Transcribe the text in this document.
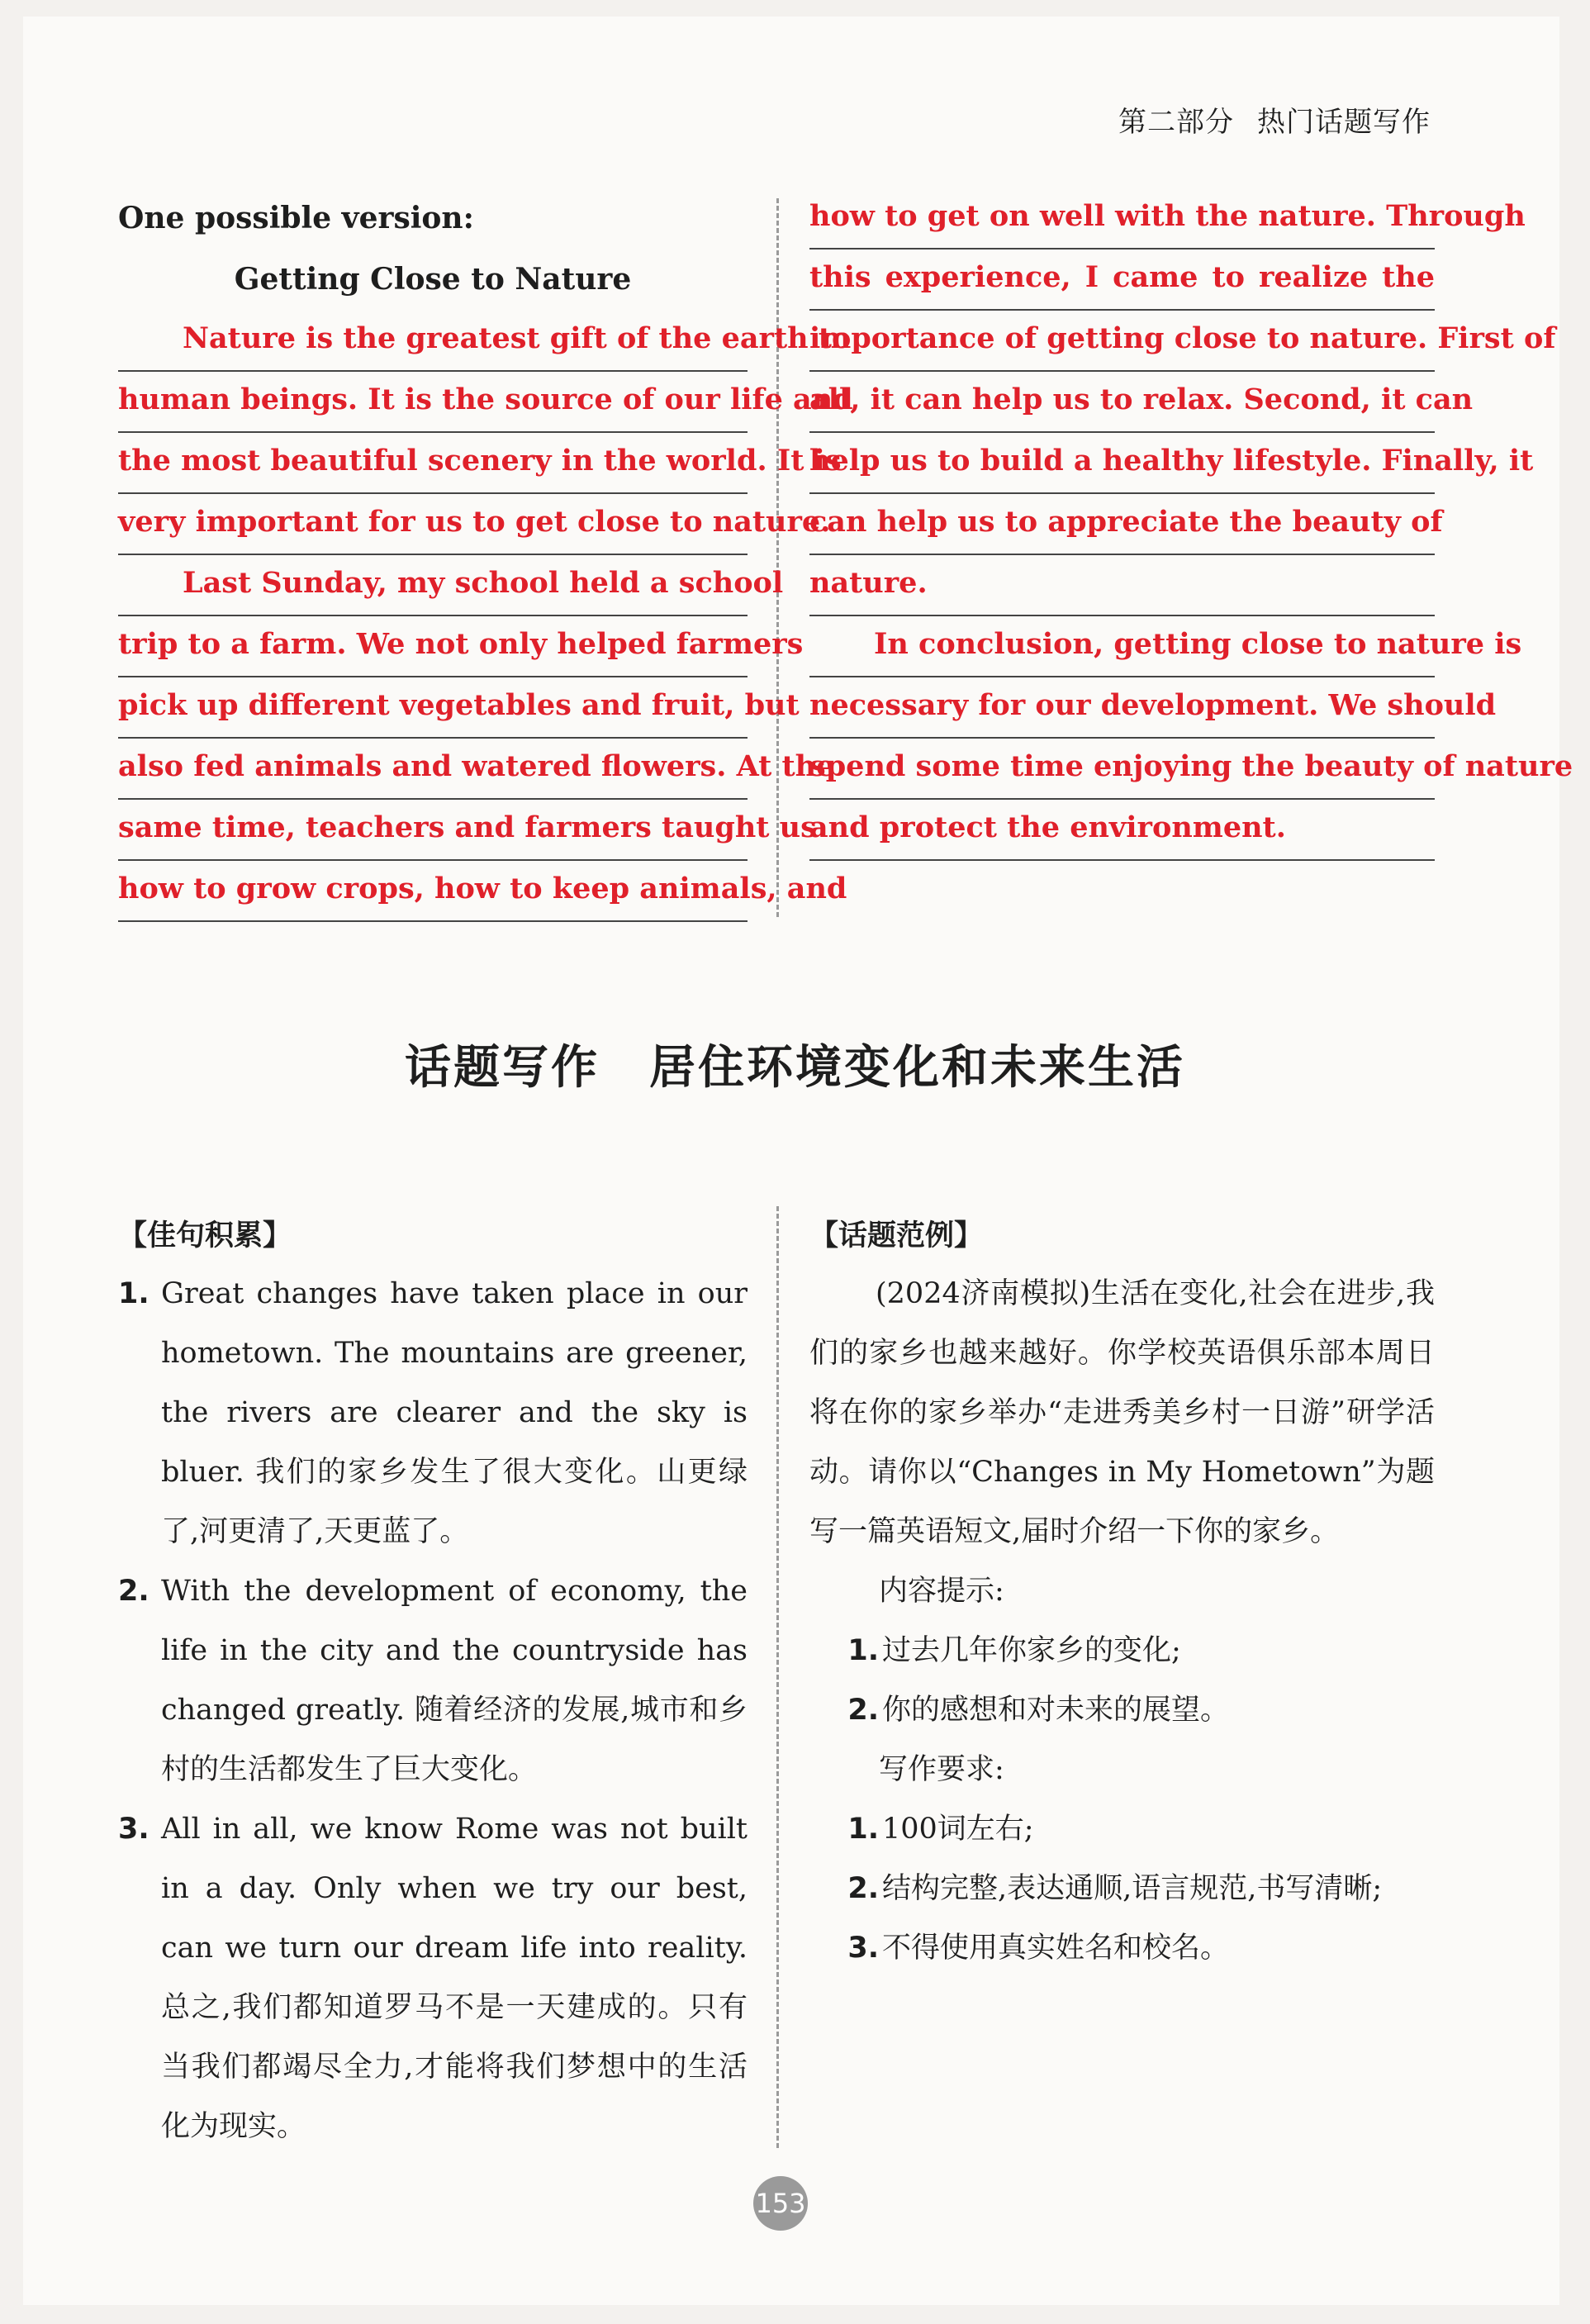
第二部分 热门话题写作
One possible version:
Getting Close to Nature
Nature is the greatest gift of the earth to
human beings. It is the source of our life and
the most beautiful scenery in the world. It is
very important for us to get close to nature.
Last Sunday, my school held a school
trip to a farm. We not only helped farmers
pick up different vegetables and fruit, but
also fed animals and watered flowers. At the
same time, teachers and farmers taught us
how to grow crops, how to keep animals, and
how to get on well with the nature. Through
this experience, I came to realize the
importance of getting close to nature. First of
all, it can help us to relax. Second, it can
help us to build a healthy lifestyle. Finally, it
can help us to appreciate the beauty of
nature.
In conclusion, getting close to nature is
necessary for our development. We should
spend some time enjoying the beauty of nature
and protect the environment.
话题写作 居住环境变化和未来生活
【佳句积累】
1. Great changes have taken place in our hometown. The mountains are greener, the rivers are clearer and the sky is bluer. 我们的家乡发生了很大变化。山更绿了,河更清了,天更蓝了。
2. With the development of economy, the life in the city and the countryside has changed greatly. 随着经济的发展,城市和乡村的生活都发生了巨大变化。
3. All in all, we know Rome was not built in a day. Only when we try our best, can we turn our dream life into reality. 总之,我们都知道罗马不是一天建成的。只有当我们都竭尽全力,才能将我们梦想中的生活化为现实。
【话题范例】
(2024济南模拟)生活在变化,社会在进步,我们的家乡也越来越好。你学校英语俱乐部本周日将在你的家乡举办“走进秀美乡村一日游”研学活动。请你以“Changes in My Hometown”为题写一篇英语短文,届时介绍一下你的家乡。
内容提示:
1. 过去几年你家乡的变化;
2. 你的感想和对未来的展望。
写作要求:
1. 100词左右;
2. 结构完整,表达通顺,语言规范,书写清晰;
3. 不得使用真实姓名和校名。
153
